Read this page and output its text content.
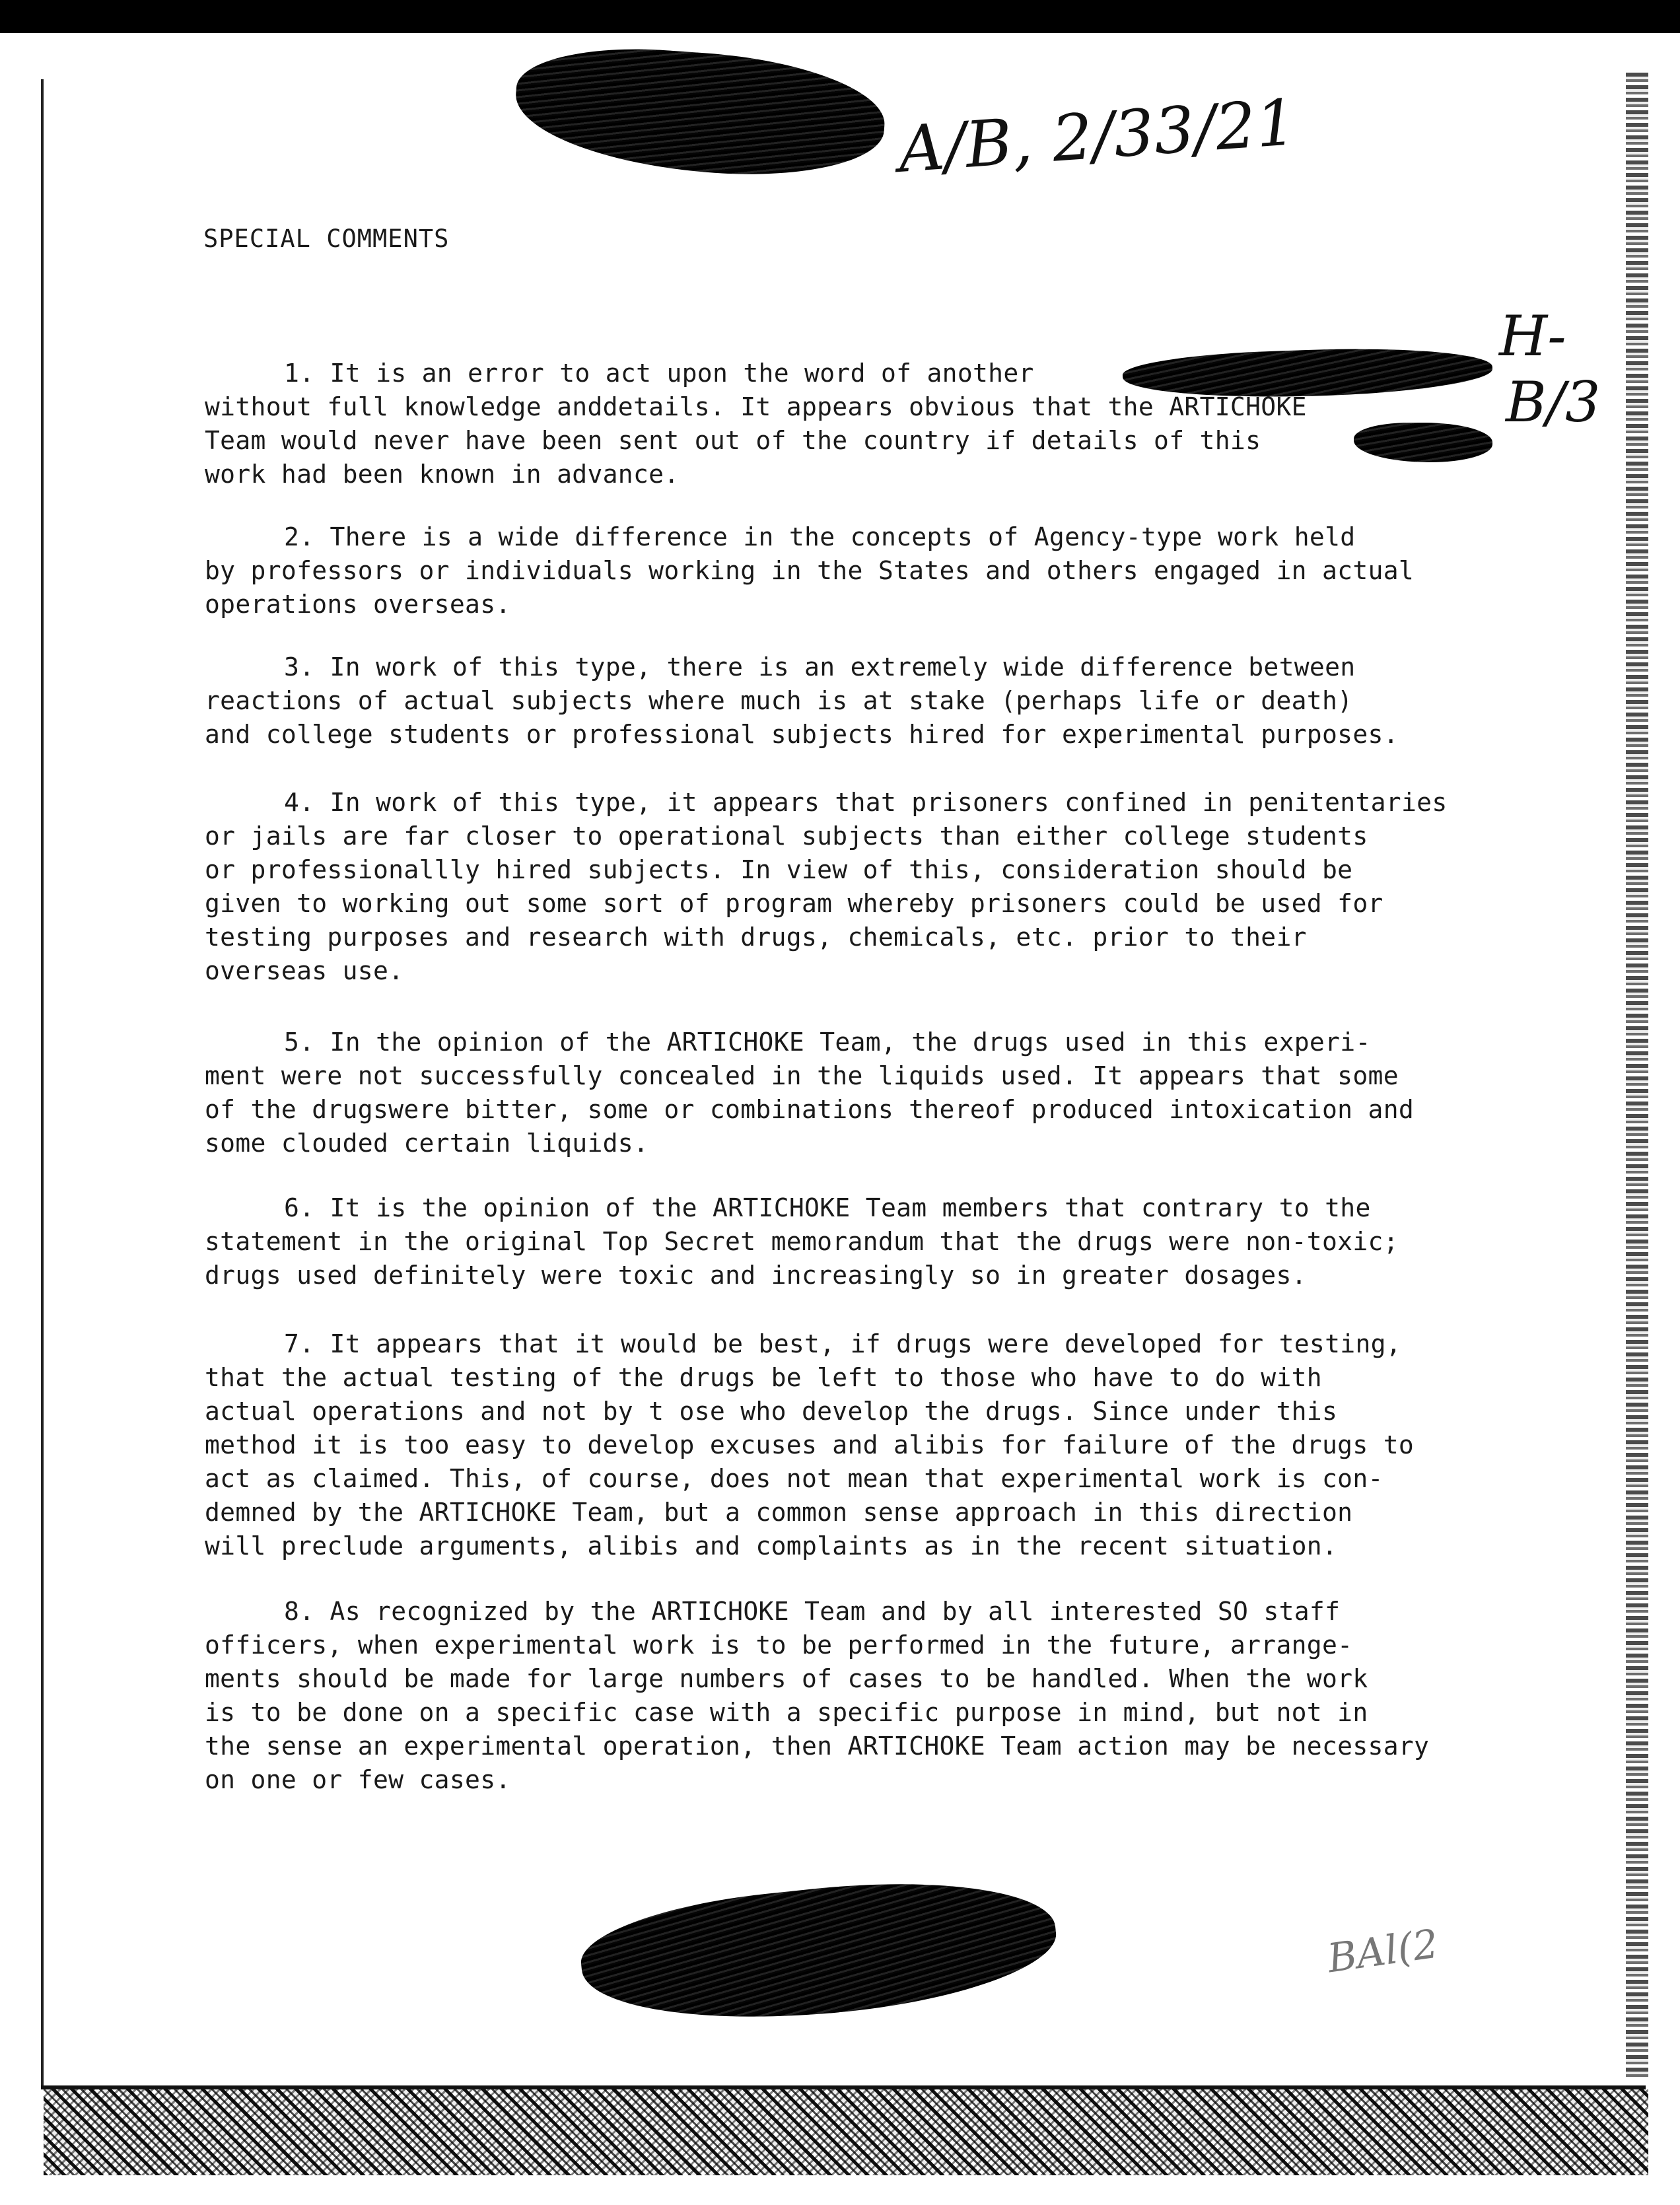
A/B, 2/33/21
H-
B/3
BAl(2
SPECIAL COMMENTS
1. It is an error to act upon the word of another
without full knowledge anddetails. It appears obvious that the ARTICHOKE
Team would never have been sent out of the country if details of this
work had been known in advance.
2. There is a wide difference in the concepts of Agency-type work held
by professors or individuals working in the States and others engaged in actual
operations overseas.
3. In work of this type, there is an extremely wide difference between
reactions of actual subjects where much is at stake (perhaps life or death)
and college students or professional subjects hired for experimental purposes.
4. In work of this type, it appears that prisoners confined in penitentaries
or jails are far closer to operational subjects than either college students
or professionallly hired subjects. In view of this, consideration should be
given to working out some sort of program whereby prisoners could be used for
testing purposes and research with drugs, chemicals, etc. prior to their
overseas use.
5. In the opinion of the ARTICHOKE Team, the drugs used in this experi-
ment were not successfully concealed in the liquids used. It appears that some
of the drugswere bitter, some or combinations thereof produced intoxication and
some clouded certain liquids.
6. It is the opinion of the ARTICHOKE Team members that contrary to the
statement in the original Top Secret memorandum that the drugs were non-toxic;
drugs used definitely were toxic and increasingly so in greater dosages.
7. It appears that it would be best, if drugs were developed for testing,
that the actual testing of the drugs be left to those who have to do with
actual operations and not by t ose who develop the drugs. Since under this
method it is too easy to develop excuses and alibis for failure of the drugs to
act as claimed. This, of course, does not mean that experimental work is con-
demned by the ARTICHOKE Team, but a common sense approach in this direction
will preclude arguments, alibis and complaints as in the recent situation.
8. As recognized by the ARTICHOKE Team and by all interested SO staff
officers, when experimental work is to be performed in the future, arrange-
ments should be made for large numbers of cases to be handled. When the work
is to be done on a specific case with a specific purpose in mind, but not in
the sense an experimental operation, then ARTICHOKE Team action may be necessary
on one or few cases.
